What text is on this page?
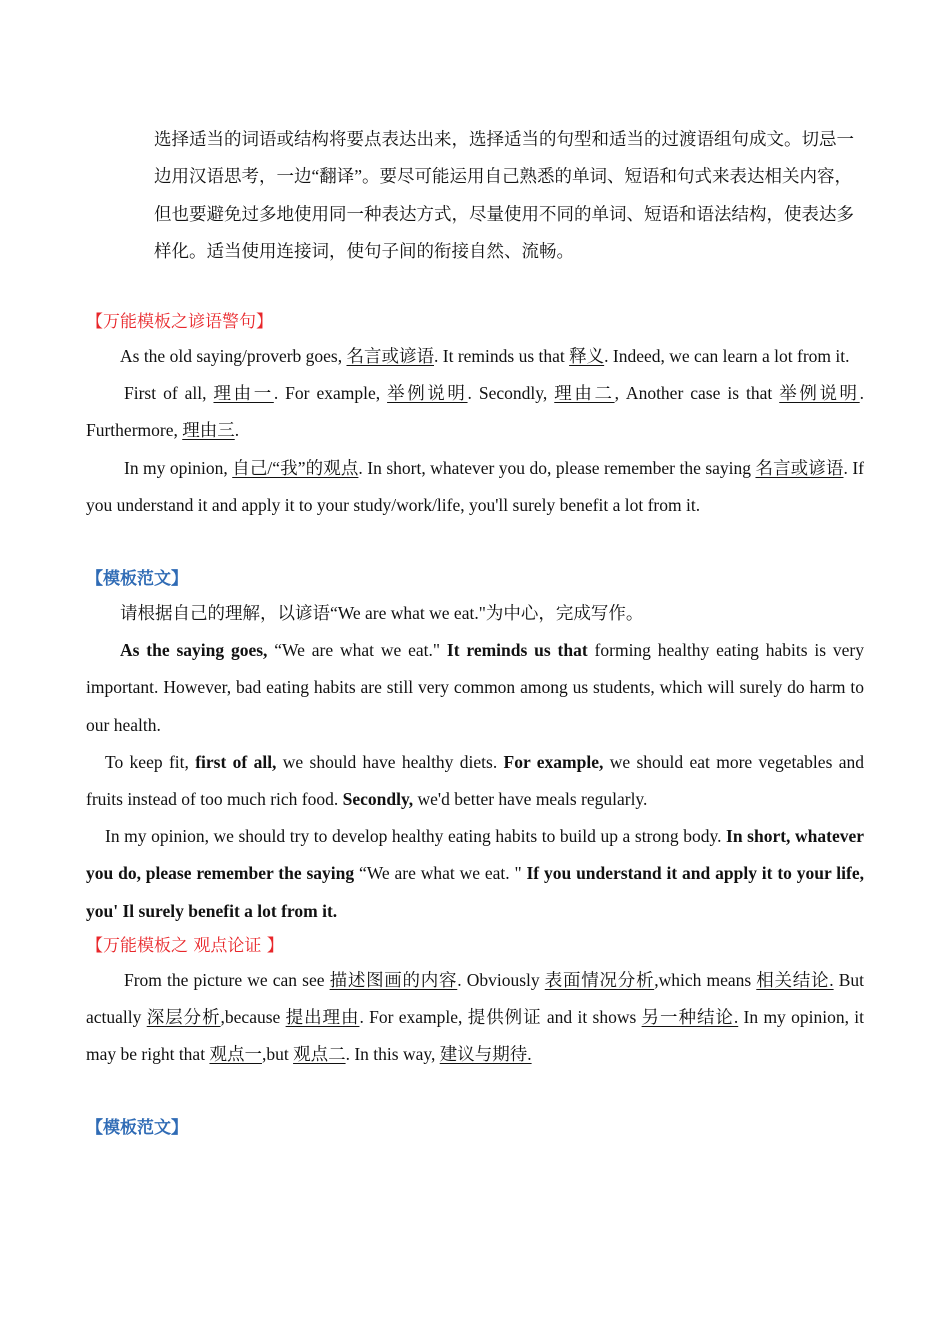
选择适当的词语或结构将要点表达出来，选择适当的句型和适当的过渡语组句成文。切忌一边用汉语思考，一边“翻译”。要尽可能运用自己熟悉的单词、短语和句式来表达相关内容，但也要避免过多地使用同一种表达方式，尽量使用不同的单词、短语和语法结构，使表达多样化。适当使用连接词，使句子间的衔接自然、流畅。

【万能模板之谚语警句】

As the old saying/proverb goes, 名言或谚语. It reminds us that 释义. Indeed, we can learn a lot from it.

First of all, 理由一. For example, 举例说明. Secondly, 理由二, Another case is that 举例说明. Furthermore, 理由三.

In my opinion, 自己/“我”的观点. In short, whatever you do, please remember the saying 名言或谚语. If you understand it and apply it to your study/work/life, you'll surely benefit a lot from it.

【模板范文】

请根据自己的理解，以谚语“We are what we eat."为中心，完成写作。

As the saying goes, “We are what we eat." It reminds us that forming healthy eating habits is very important. However, bad eating habits are still very common among us students, which will surely do harm to our health.

To keep fit, first of all, we should have healthy diets. For example, we should eat more vegetables and fruits instead of too much rich food. Secondly, we'd better have meals regularly.

In my opinion, we should try to develop healthy eating habits to build up a strong body. In short, whatever you do, please remember the saying “We are what we eat. " If you understand it and apply it to your life, you' Il surely benefit a lot from it.

【万能模板之 观点论证 】

From the picture we can see 描述图画的内容. Obviously 表面情况分析,which means 相关结论. But actually 深层分析,because 提出理由. For example, 提供例证 and it shows 另一种结论. In my opinion, it may be right that 观点一,but 观点二. In this way, 建议与期待.

【模板范文】
